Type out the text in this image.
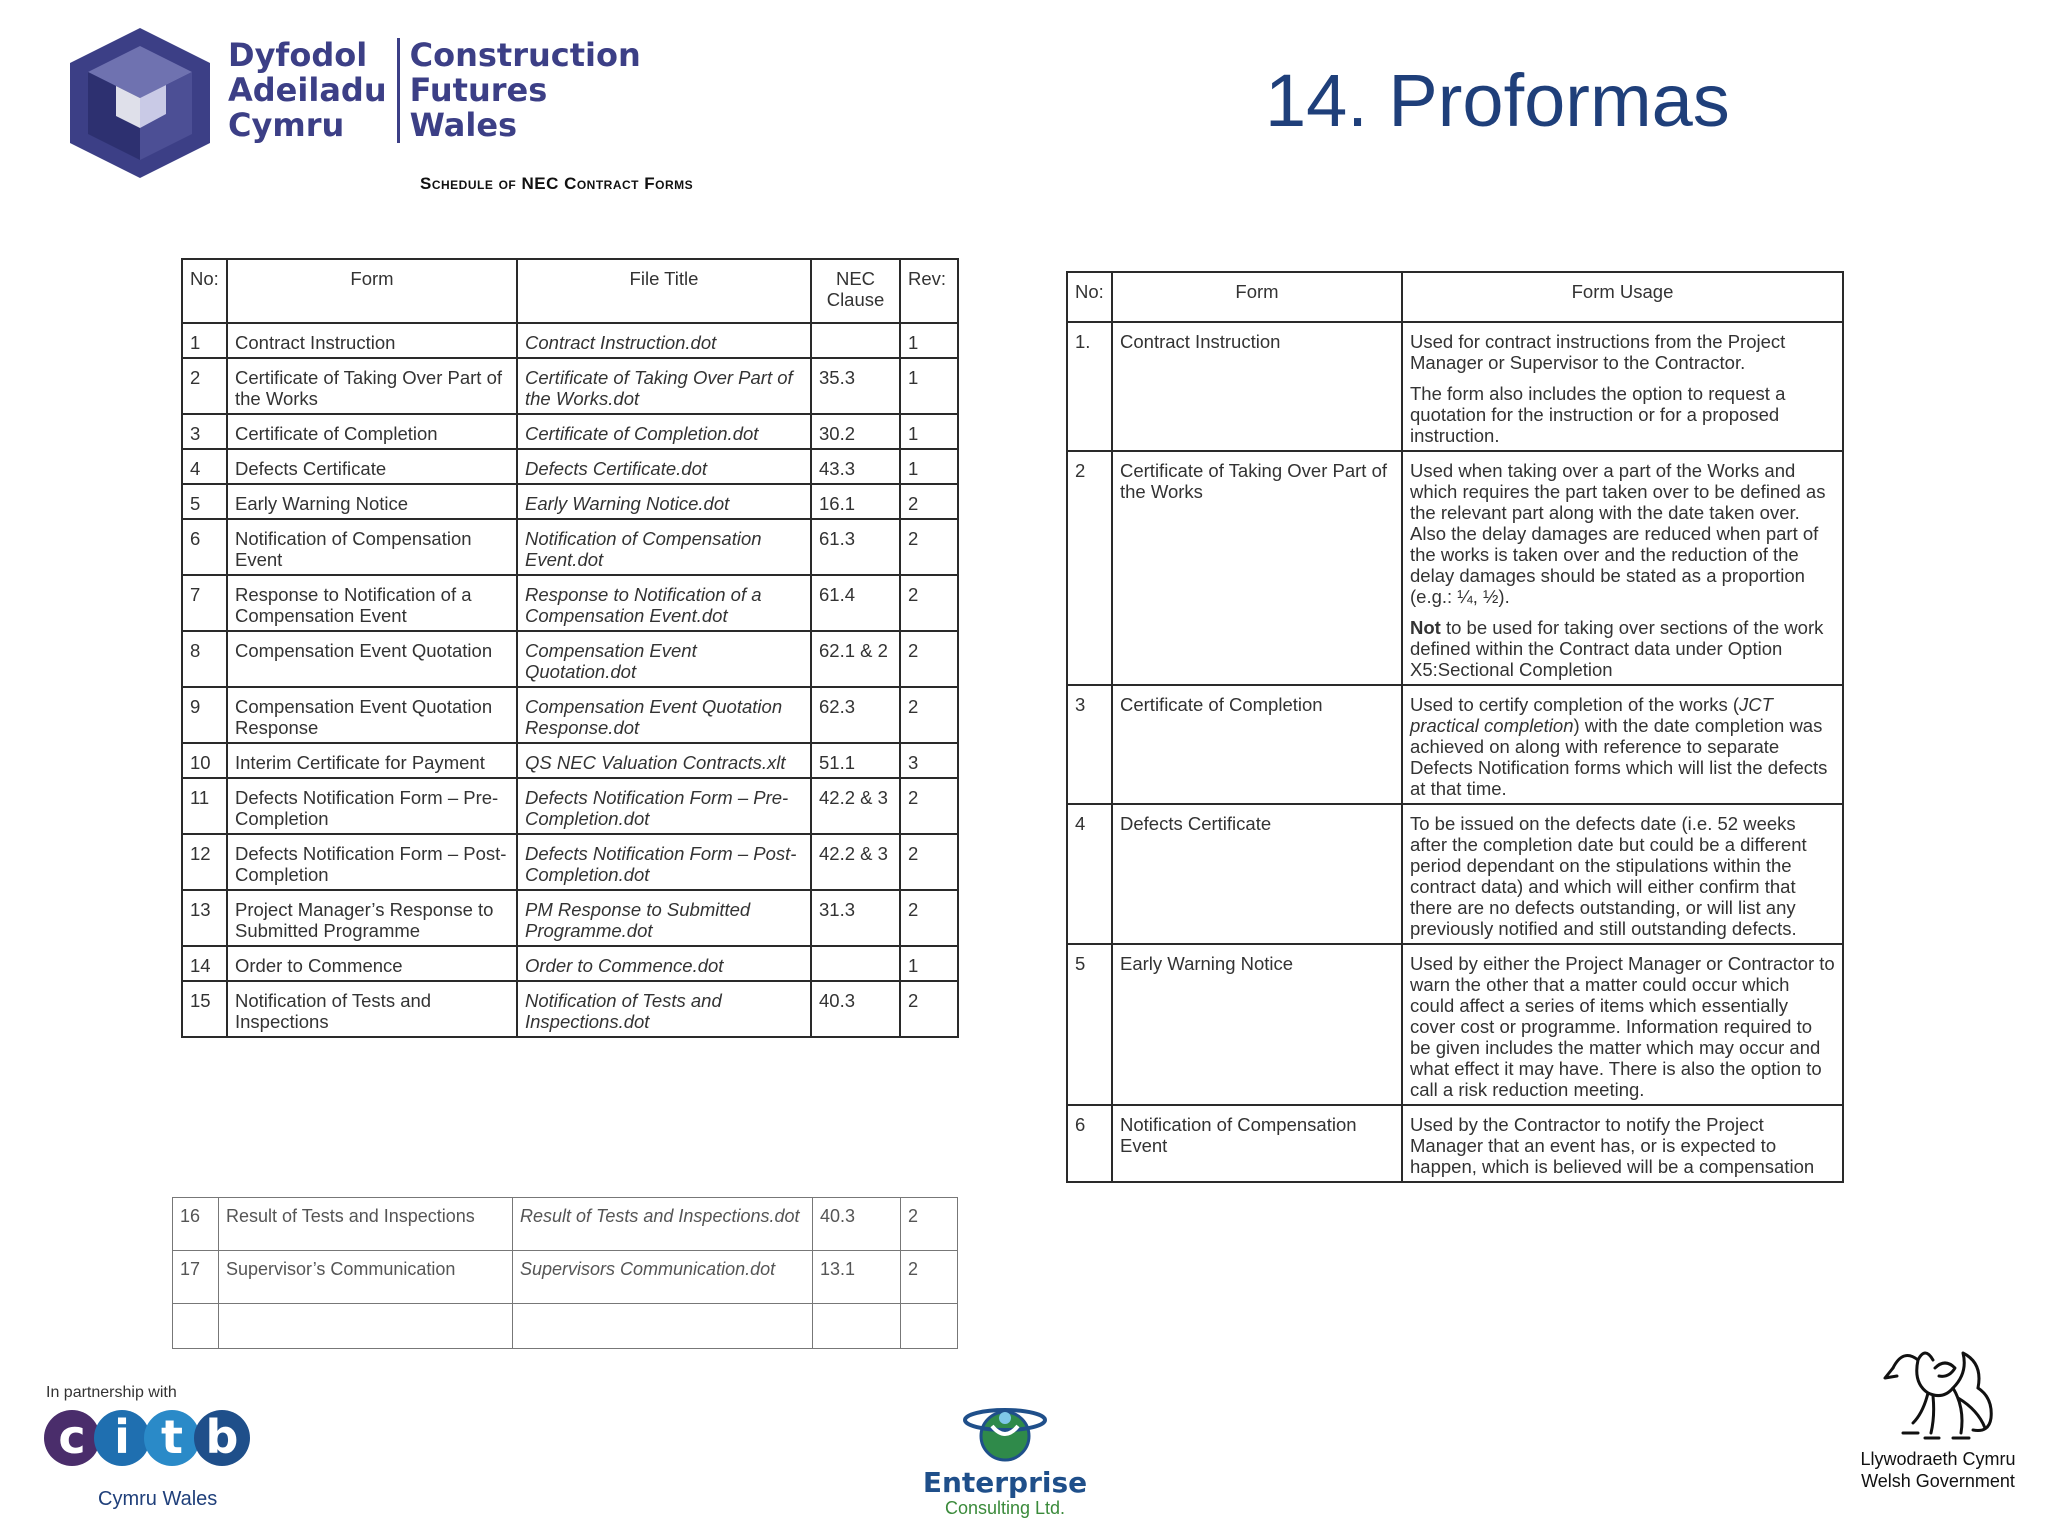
Dyfodol
Adeiladu
Cymru
Construction
Futures
Wales	14. Proformas
Schedule of NEC Contract Forms
No:	Form	File Title	NEC Clause	Rev:
1	Contract Instruction	Contract Instruction.dot		1
2	Certificate of Taking Over Part of the Works	Certificate of Taking Over Part of the Works.dot	35.3	1
3	Certificate of Completion	Certificate of Completion.dot	30.2	1
4	Defects Certificate	Defects Certificate.dot	43.3	1
5	Early Warning Notice	Early Warning Notice.dot	16.1	2
6	Notification of Compensation Event	Notification of Compensation Event.dot	61.3	2
7	Response to Notification of a Compensation Event	Response to Notification of a Compensation Event.dot	61.4	2
8	Compensation Event Quotation	Compensation Event Quotation.dot	62.1 & 2	2
9	Compensation Event Quotation Response	Compensation Event Quotation Response.dot	62.3	2
10	Interim Certificate for Payment	QS NEC Valuation Contracts.xlt	51.1	3
11	Defects Notification Form – Pre-Completion	Defects Notification Form – Pre-Completion.dot	42.2 & 3	2
12	Defects Notification Form – Post-Completion	Defects Notification Form – Post-Completion.dot	42.2 & 3	2
13	Project Manager’s Response to Submitted Programme	PM Response to Submitted Programme.dot	31.3	2
14	Order to Commence	Order to Commence.dot		1
15	Notification of Tests and Inspections	Notification of Tests and Inspections.dot	40.3	2
16	Result of Tests and Inspections	Result of Tests and Inspections.dot	40.3	2
17	Supervisor’s Communication	Supervisors Communication.dot	13.1	2

No:	Form	Form Usage
1.	Contract Instruction	Used for contract instructions from the Project Manager or Supervisor to the Contractor.

The form also includes the option to request a quotation for the instruction or for a proposed instruction.

2	Certificate of Taking Over Part of the Works	Used when taking over a part of the Works and which requires the part taken over to be defined as the relevant part along with the date taken over. Also the delay damages are reduced when part of the works is taken over and the reduction of the delay damages should be stated as a proportion (e.g.: ¼, ½).

Not to be used for taking over sections of the work defined within the Contract data under Option X5:Sectional Completion

3	Certificate of Completion	Used to certify completion of the works (JCT practical completion) with the date completion was achieved on along with reference to separate Defects Notification forms which will list the defects at that time.

4	Defects Certificate	To be issued on the defects date (i.e. 52 weeks after the completion date but could be a different period dependant on the stipulations within the contract data) and which will either confirm that there are no defects outstanding, or will list any previously notified and still outstanding defects.

5	Early Warning Notice	Used by either the Project Manager or Contractor to warn the other that a matter could occur which could affect a series of items which essentially cover cost or programme. Information required to be given includes the matter which may occur and what effect it may have. There is also the option to call a risk reduction meeting.

6	Notification of Compensation Event	Used by the Contractor to notify the Project Manager that an event has, or is expected to happen, which is believed will be a compensation

In partnership with
c i t b
Cymru Wales	Enterprise
Consulting Ltd.
Llywodraeth Cymru
Welsh Government
